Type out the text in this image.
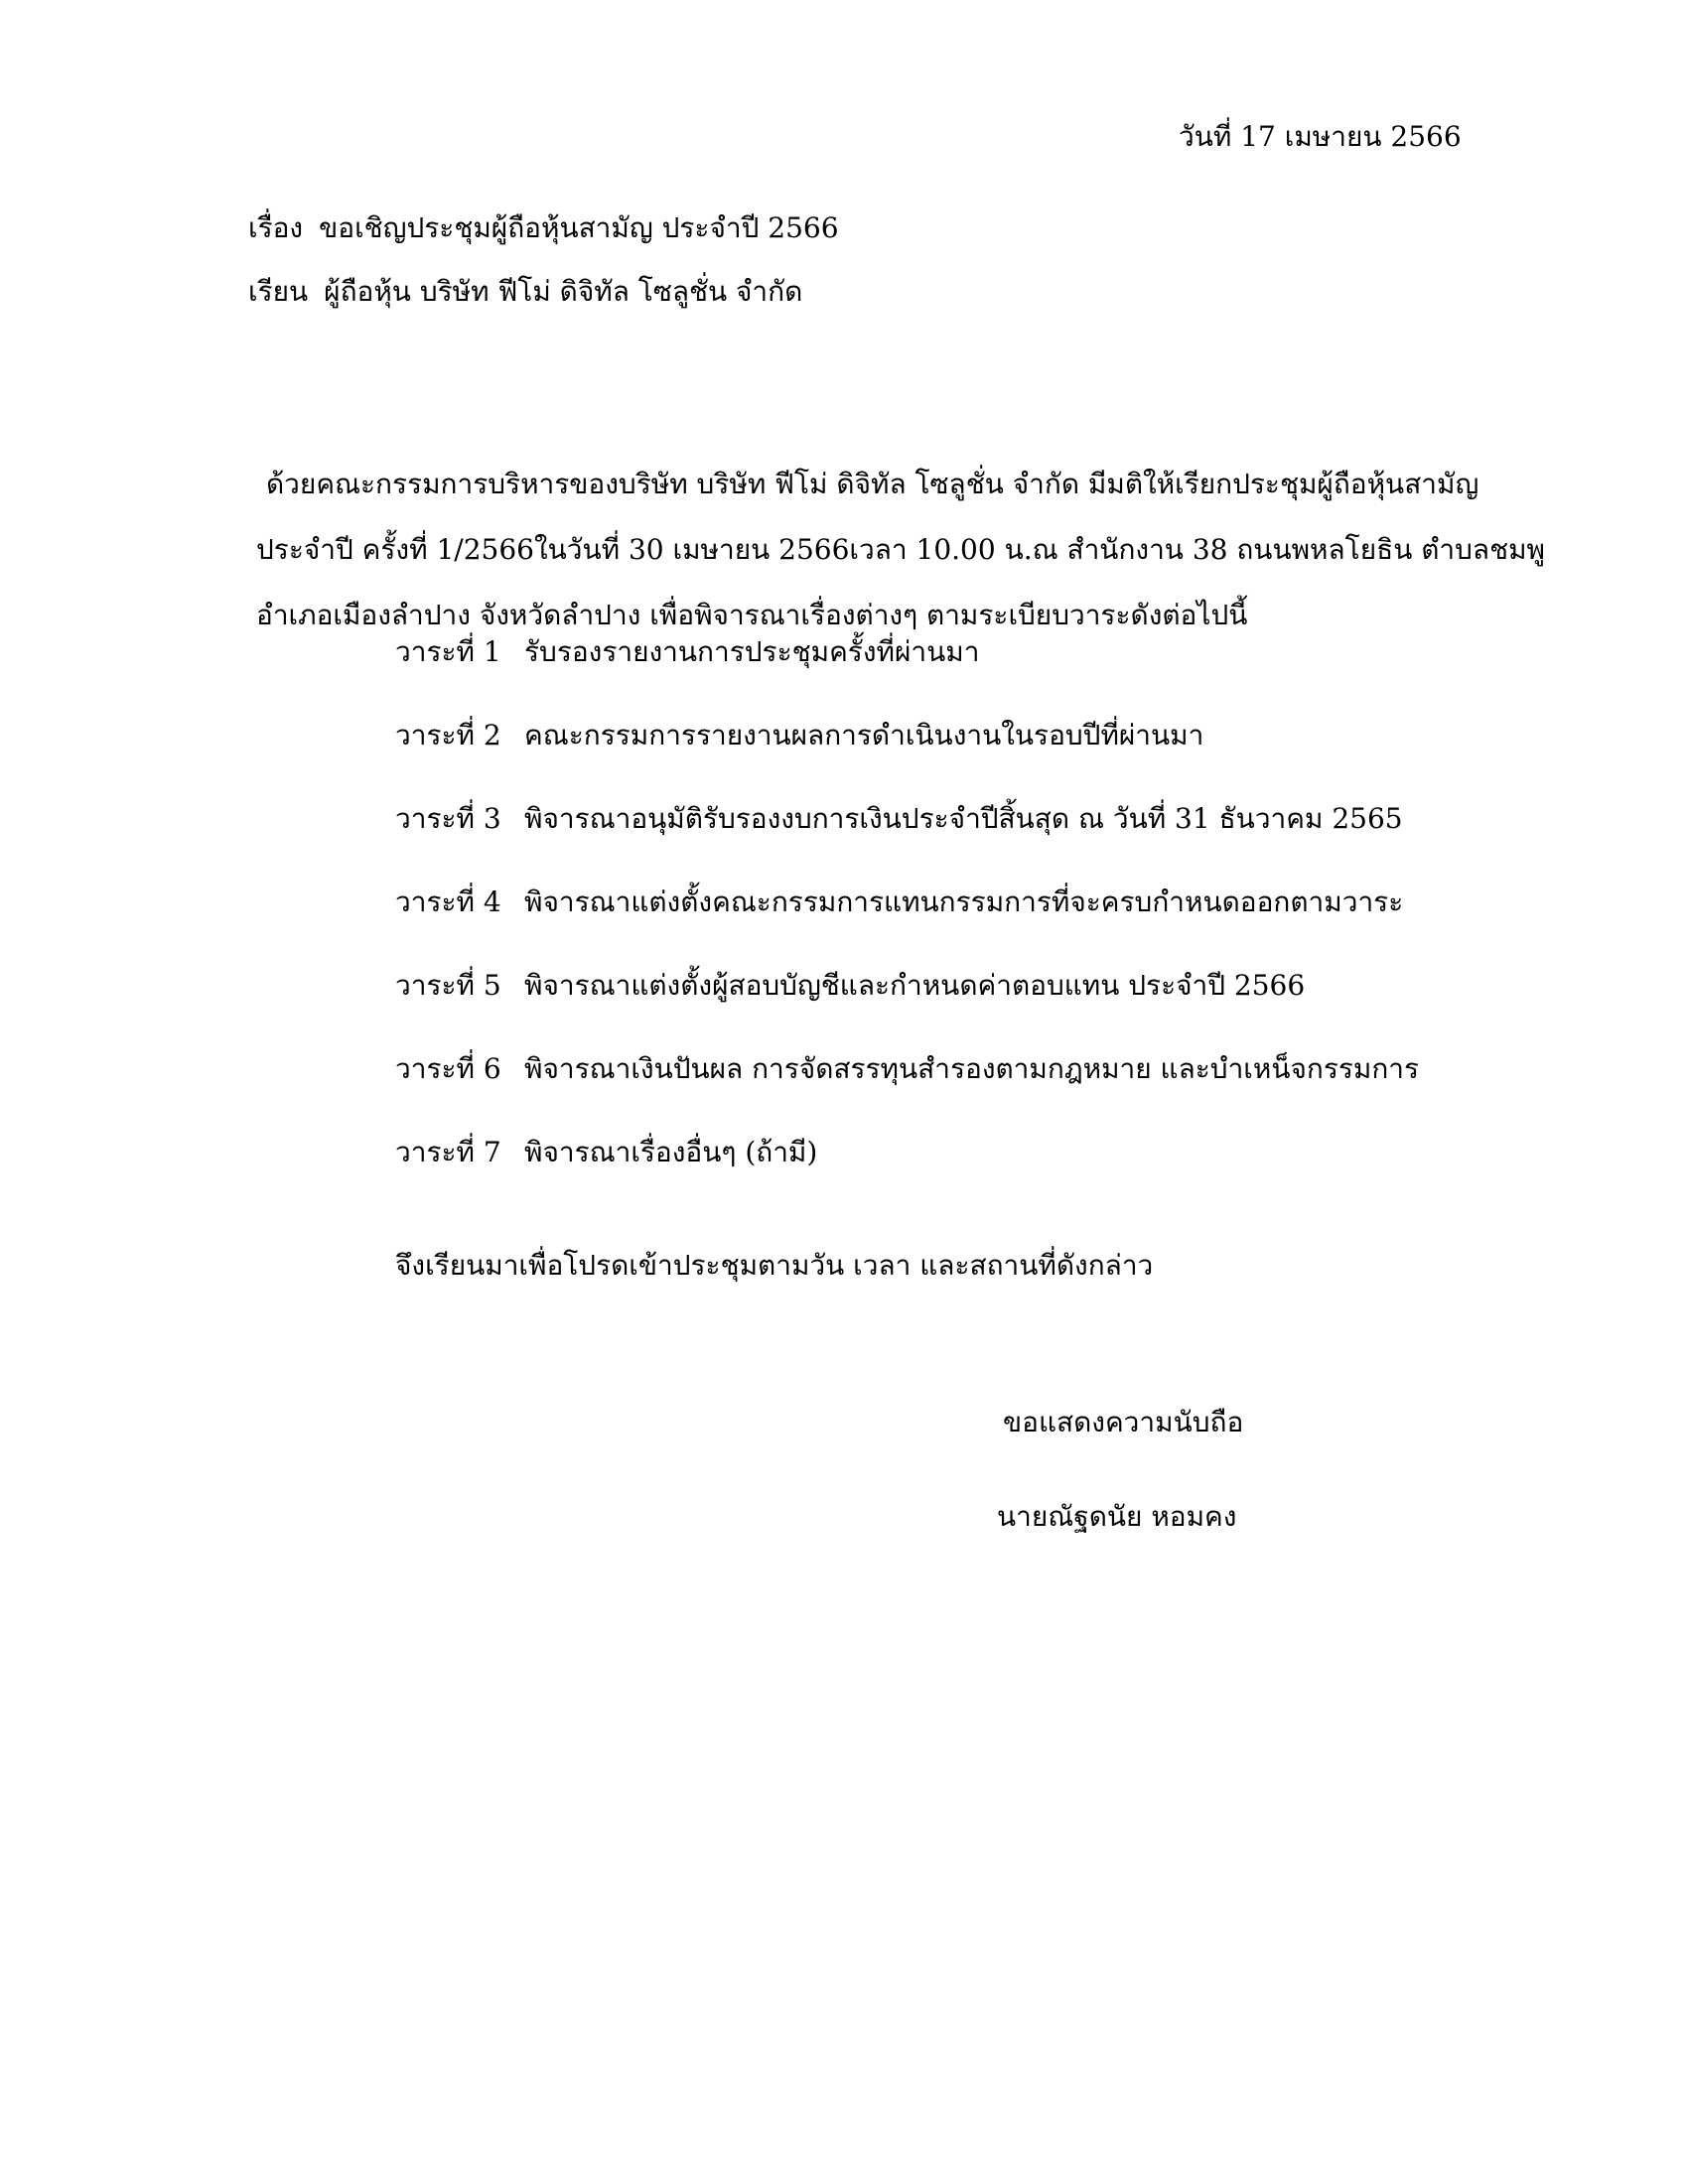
วันที่ 17 เมษายน 2566
เรื่อง ขอเชิญประชุมผู้ถือหุ้นสามัญ ประจำปี 2566
เรียน ผู้ถือหุ้น บริษัท ฟีโม่ ดิจิทัล โซลูชั่น จำกัด
ด้วยคณะกรรมการบริหารของบริษัท บริษัท ฟีโม่ ดิจิทัล โซลูชั่น จำกัด มีมติให้เรียกประชุมผู้ถือหุ้นสามัญ
ประจำปี ครั้งที่ 1/2566ในวันที่ 30 เมษายน 2566เวลา 10.00 น.ณ สำนักงาน 38 ถนนพหลโยธิน ตำบลชมพู
อำเภอเมืองลำปาง จังหวัดลำปาง เพื่อพิจารณาเรื่องต่างๆ ตามระเบียบวาระดังต่อไปนี้
วาระที่ 1 รับรองรายงานการประชุมครั้งที่ผ่านมา
วาระที่ 2 คณะกรรมการรายงานผลการดำเนินงานในรอบปีที่ผ่านมา
วาระที่ 3 พิจารณาอนุมัติรับรองงบการเงินประจำปีสิ้นสุด ณ วันที่ 31 ธันวาคม 2565
วาระที่ 4 พิจารณาแต่งตั้งคณะกรรมการแทนกรรมการที่จะครบกำหนดออกตามวาระ
วาระที่ 5 พิจารณาแต่งตั้งผู้สอบบัญชีและกำหนดค่าตอบแทน ประจำปี 2566
วาระที่ 6 พิจารณาเงินปันผล การจัดสรรทุนสำรองตามกฎหมาย และบำเหน็จกรรมการ
วาระที่ 7 พิจารณาเรื่องอื่นๆ (ถ้ามี)
จึงเรียนมาเพื่อโปรดเข้าประชุมตามวัน เวลา และสถานที่ดังกล่าว
ขอแสดงความนับถือ
นายณัฐดนัย หอมคง
